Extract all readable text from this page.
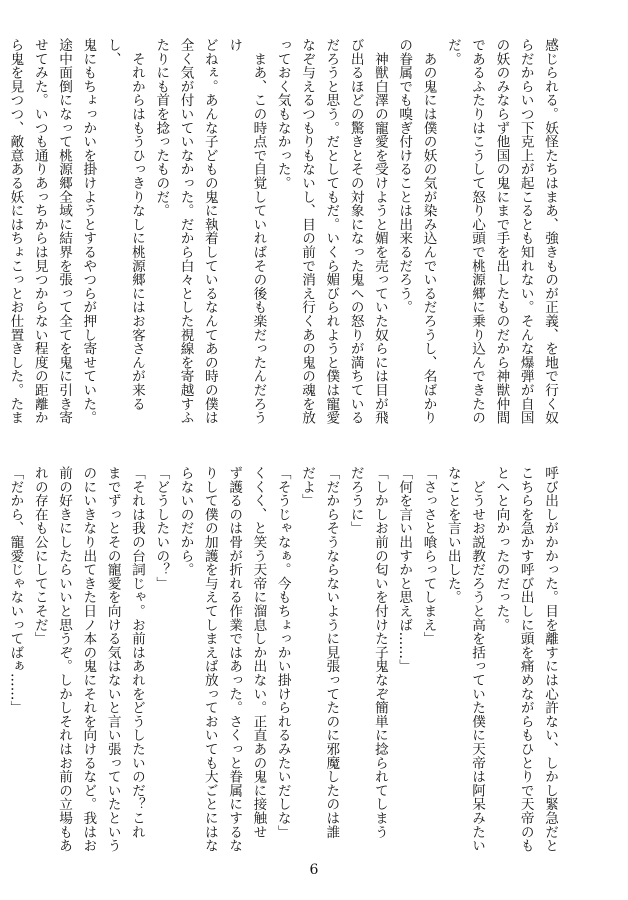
感じられる。妖怪たちはまあ、強きものが正義、を地で行く奴

らだからいつ下克上が起こるとも知れない。そんな爆弾が自国

の妖のみならず他国の鬼にまで手を出したものだから神獣仲間

であるふたりはこうして怒り心頭で桃源郷に乗り込んできたの

だ。

　あの鬼には僕の妖の気が染み込んでいるだろうし、名ばかり

の眷属でも嗅ぎ付けることは出来るだろう。

　神獣白澤の寵愛を受けようと媚を売っていた奴らには目が飛

び出るほどの驚きとその対象になった鬼への怒りが満ちている

だろうと思う。だとしてもだ。いくら媚びられようと僕は寵愛

なぞ与えるつもりもないし、目の前で消え行くあの鬼の魂を放

っておく気もなかった。

　まあ、この時点で自覚していればその後も楽だったんだろうけ

どねぇ。あんな子どもの鬼に執着しているなんてあの時の僕は

全く気が付いていなかった。だから白々とした視線を寄越すふ

たりにも首を捻ったものだ。

　それからはもうひっきりなしに桃源郷にはお客さんが来るし、

鬼にもちょっかいを掛けようとするやつらが押し寄せていた。

途中面倒になって桃源郷全域に結界を張って全てを鬼に引き寄

せてみた。いつも通りあっちからは見つからない程度の距離か

ら鬼を見つつ、敵意ある妖にはちょこっとお仕置きした。たま

呼び出しがかかった。目を離すには心許ない、しかし緊急だと

こちらを急かす呼び出しに頭を痛めながらもひとりで天帝のも

とへと向かったのだった。

　どうせお説教だろうと高を括っていた僕に天帝は阿呆みたい

なことを言い出した。

「さっさと喰らってしまえ」

「何を言い出すかと思えば……」

「しかしお前の匂いを付けた子鬼なぞ簡単に捻られてしまう

だろうに」

「だからそうならないように見張ってたのに邪魔したのは誰

だよ」

「そうじゃなぁ。今もちょっかい掛けられるみたいだしな」

くくく、と笑う天帝に溜息しか出ない。正直あの鬼に接触せ

ず護るのは骨が折れる作業ではあった。さくっと眷属にするな

りして僕の加護を与えてしまえば放っておいても大ごとにはな

らないのだから。

「どうしたいの？」

「それは我の台詞じゃ。お前はあれをどうしたいのだ？これ

までずっとその寵愛を向ける気はないと言い張っていたという

のにいきなり出てきた日ノ本の鬼にそれを向けるなど。我はお

前の好きにしたらいいと思うぞ。しかしそれはお前の立場もあ

れの存在も公にしてこそだ」

「だから、寵愛じゃないってばぁ……」

6
